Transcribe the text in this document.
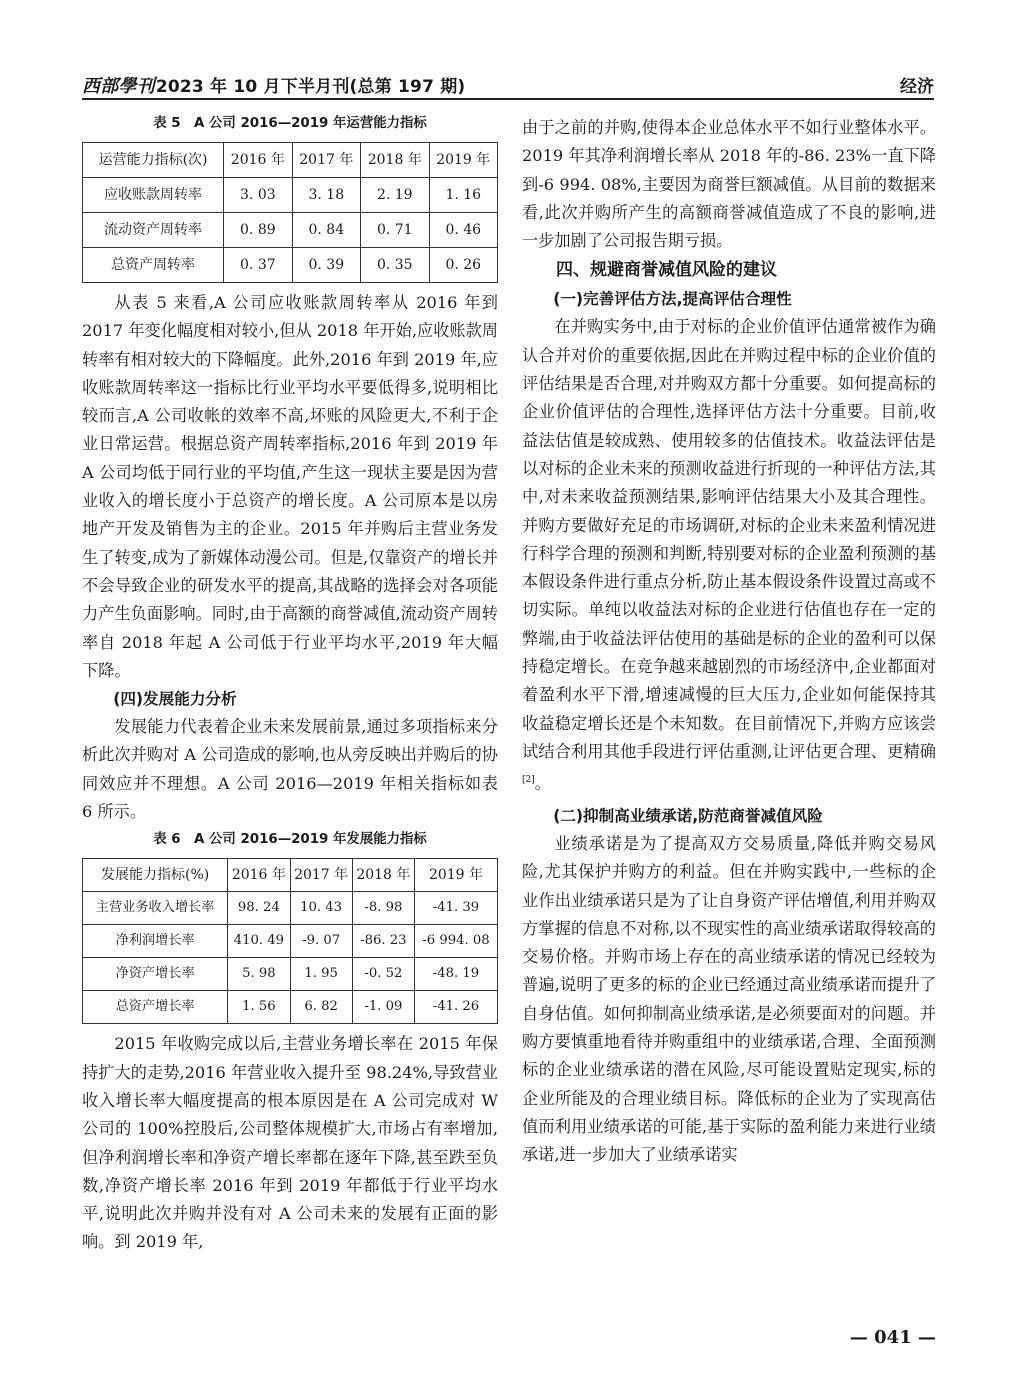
西部學刊2023 年 10 月下半月刊(总第 197 期)	经济
表 5　A 公司 2016—2019 年运营能力指标
运营能力指标(次)	2016 年	2017 年	2018 年	2019 年
应收账款周转率	3. 03	3. 18	2. 19	1. 16
流动资产周转率	0. 89	0. 84	0. 71	0. 46
总资产周转率	0. 37	0. 39	0. 35	0. 26

从表 5 来看,A 公司应收账款周转率从 2016 年到 2017 年变化幅度相对较小,但从 2018 年开始,应收账款周转率有相对较大的下降幅度。此外,2016 年到 2019 年,应收账款周转率这一指标比行业平均水平要低得多,说明相比较而言,A 公司收帐的效率不高,坏账的风险更大,不利于企业日常运营。根据总资产周转率指标,2016 年到 2019 年 A 公司均低于同行业的平均值,产生这一现状主要是因为营业收入的增长度小于总资产的增长度。A 公司原本是以房地产开发及销售为主的企业。2015 年并购后主营业务发生了转变,成为了新媒体动漫公司。但是,仅靠资产的增长并不会导致企业的研发水平的提高,其战略的选择会对各项能力产生负面影响。同时,由于高额的商誉减值,流动资产周转率自 2018 年起 A 公司低于行业平均水平,2019 年大幅下降。

(四)发展能力分析

发展能力代表着企业未来发展前景,通过多项指标来分析此次并购对 A 公司造成的影响,也从旁反映出并购后的协同效应并不理想。A 公司 2016—2019 年相关指标如表 6 所示。

表 6　A 公司 2016—2019 年发展能力指标
发展能力指标(%)	2016 年	2017 年	2018 年	2019 年
主营业务收入增长率	98. 24	10. 43	-8. 98	-41. 39
净利润增长率	410. 49	-9. 07	-86. 23	-6 994. 08
净资产增长率	5. 98	1. 95	-0. 52	-48. 19
总资产增长率	1. 56	6. 82	-1. 09	-41. 26

2015 年收购完成以后,主营业务增长率在 2015 年保持扩大的走势,2016 年营业收入提升至 98.24%,导致营业收入增长率大幅度提高的根本原因是在 A 公司完成对 W 公司的 100%控股后,公司整体规模扩大,市场占有率增加,但净利润增长率和净资产增长率都在逐年下降,甚至跌至负数,净资产增长率 2016 年到 2019 年都低于行业平均水平,说明此次并购并没有对 A 公司未来的发展有正面的影响。到 2019 年,

由于之前的并购,使得本企业总体水平不如行业整体水平。2019 年其净利润增长率从 2018 年的-86. 23%一直下降到-6 994. 08%,主要因为商誉巨额减值。从目前的数据来看,此次并购所产生的高额商誉减值造成了不良的影响,进一步加剧了公司报告期亏损。

四、规避商誉减值风险的建议

(一)完善评估方法,提高评估合理性

在并购实务中,由于对标的企业价值评估通常被作为确认合并对价的重要依据,因此在并购过程中标的企业价值的评估结果是否合理,对并购双方都十分重要。如何提高标的企业价值评估的合理性,选择评估方法十分重要。目前,收益法估值是较成熟、使用较多的估值技术。收益法评估是以对标的企业未来的预测收益进行折现的一种评估方法,其中,对未来收益预测结果,影响评估结果大小及其合理性。并购方要做好充足的市场调研,对标的企业未来盈利情况进行科学合理的预测和判断,特别要对标的企业盈利预测的基本假设条件进行重点分析,防止基本假设条件设置过高或不切实际。单纯以收益法对标的企业进行估值也存在一定的弊端,由于收益法评估使用的基础是标的企业的盈利可以保持稳定增长。在竞争越来越剧烈的市场经济中,企业都面对着盈利水平下滑,增速减慢的巨大压力,企业如何能保持其收益稳定增长还是个未知数。在目前情况下,并购方应该尝试结合利用其他手段进行评估重测,让评估更合理、更精确[2]。

(二)抑制高业绩承诺,防范商誉减值风险

业绩承诺是为了提高双方交易质量,降低并购交易风险,尤其保护并购方的利益。但在并购实践中,一些标的企业作出业绩承诺只是为了让自身资产评估增值,利用并购双方掌握的信息不对称,以不现实性的高业绩承诺取得较高的交易价格。并购市场上存在的高业绩承诺的情况已经较为普遍,说明了更多的标的企业已经通过高业绩承诺而提升了自身估值。如何抑制高业绩承诺,是必须要面对的问题。并购方要慎重地看待并购重组中的业绩承诺,合理、全面预测标的企业业绩承诺的潜在风险,尽可能设置贴定现实,标的企业所能及的合理业绩目标。降低标的企业为了实现高估值而利用业绩承诺的可能,基于实际的盈利能力来进行业绩承诺,进一步加大了业绩承诺实

— 041 —
